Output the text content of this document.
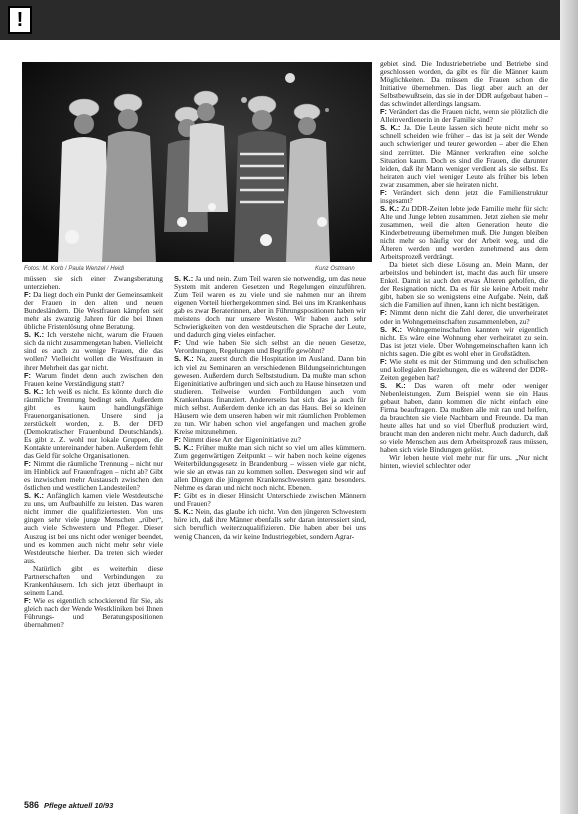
!
Fotos: M. Korb / Paula Wenzel / Heidi	Kunz Ostmann

müssen sie sich einer Zwangsberatung unterziehen.

F: Da liegt doch ein Punkt der Gemeinsamkeit der Frauen in den alten und neuen Bundesländern. Die Westfrauen kämpfen seit mehr als zwanzig Jahren für die bei Ihnen übliche Fristenlösung ohne Beratung.

S. K.: Ich verstehe nicht, warum die Frauen sich da nicht zusammengetan haben. Vielleicht sind es auch zu wenige Frauen, die das wollen? Vielleicht wollen die Westfrauen in ihrer Mehrheit das gar nicht.

F: Warum findet denn auch zwischen den Frauen keine Verständigung statt?

S. K.: Ich weiß es nicht. Es könnte durch die räumliche Trennung bedingt sein. Außerdem gibt es kaum handlungsfähige Frauenorganisationen. Unsere sind ja zerstückelt worden, z. B. der DFD (Demokratischer Frauenbund Deutschlands). Es gibt z. Z. wohl nur lokale Gruppen, die Kontakte untereinander haben. Außerdem fehlt das Geld für solche Organisationen.

F: Nimmt die räumliche Trennung – nicht nur im Hinblick auf Frauenfragen – nicht ab? Gibt es inzwischen mehr Austausch zwischen den östlichen und westlichen Landesteilen?

S. K.: Anfänglich kamen viele Westdeutsche zu uns, um Aufbauhilfe zu leisten. Das waren nicht immer die qualifiziertesten. Von uns gingen sehr viele junge Menschen „rüber“, auch viele Schwestern und Pfleger. Dieser Auszug ist bei uns nicht oder weniger beendet, und es kommen auch nicht mehr sehr viele Westdeutsche hierher. Da treten sich wieder aus.

Natürlich gibt es weiterhin diese Partnerschaften und Verbindungen zu Krankenhäusern. Ich sich jetzt überhaupt in seinem Land.

F: Wie es eigentlich schockierend für Sie, als gleich nach der Wende Westkliniken bei Ihnen Führungs- und Beratungspositionen übernahmen?

S. K.: Ja und nein. Zum Teil waren sie notwendig, um das neue System mit anderen Gesetzen und Regelungen einzuführen. Zum Teil waren es zu viele und sie nahmen nur an ihrem eigenen Vorteil hierhergekommen sind. Bei uns im Krankenhaus gab es zwar Beraterinnen, aber in Führungspositionen haben wir meistens doch nur unsere Westen. Wir haben auch sehr Schwierigkeiten von den westdeutschen die Sprache der Leute, und dadurch ging vieles einfacher.

F: Und wie haben Sie sich selbst an die neuen Gesetze, Verordnungen, Regelungen und Begriffe gewöhnt?

S. K.: Na, zuerst durch die Hospitation im Ausland. Dann bin ich viel zu Seminaren an verschiedenen Bildungseinrichtungen gewesen. Außerdem durch Selbststudium. Da mußte man schon Eigeninitiative aufbringen und sich auch zu Hause hinsetzen und studieren. Teilweise wurden Fortbildungen auch vom Krankenhaus finanziert. Andererseits hat sich das ja auch für mich selbst. Außerdem denke ich an das Haus. Bei so kleinen Häusern wie dem unseren haben wir mit räumlichen Problemen zu tun. Wir haben schon viel angefangen und machen große Kreise mitzunehmen.

F: Nimmt diese Art der Eigeninitiative zu?

S. K.: Früher mußte man sich nicht so viel um alles kümmern. Zum gegenwärtigen Zeitpunkt – wir haben noch keine eigenes Weiterbildungsgesetz in Brandenburg – wissen viele gar nicht, wie sie an etwas ran zu kommen sollen. Deswegen sind wir auf allen Dingen die jüngeren Krankenschwestern ganz besonders. Nehme es daran und nicht noch nicht. Ebenen.

F: Gibt es in dieser Hinsicht Unterschiede zwischen Männern und Frauen?

S. K.: Nein, das glaube ich nicht. Von den jüngeren Schwestern höre ich, daß ihre Männer ebenfalls sehr daran interessiert sind, sich beruflich weiterzuqualifizieren. Die haben aber bei uns wenig Chancen, da wir keine Industriegebiet, sondern Agrar-

gebiet sind. Die Industriebetriebe und Betriebe sind geschlossen worden, da gibt es für die Männer kaum Möglichkeiten. Da müssen die Frauen schon die Initiative übernehmen. Das liegt aber auch an der Selbstbewußtsein, das sie in der DDR aufgebaut haben – das schwindet allerdings langsam.

F: Verändert das die Frauen nicht, wenn sie plötzlich die Alleinverdienerin in der Familie sind?

S. K.: Ja. Die Leute lassen sich heute nicht mehr so schnell scheiden wie früher – das ist ja seit der Wende auch schwieriger und teurer geworden – aber die Ehen sind zerrüttet. Die Männer verkraften eine solche Situation kaum. Doch es sind die Frauen, die darunter leiden, daß ihr Mann weniger verdient als sie selbst. Es heiraten auch viel weniger Leute als früher bis leben zwar zusammen, aber sie heiraten nicht.

F: Verändert sich denn jetzt die Familienstruktur insgesamt?

S. K.: Zu DDR-Zeiten lebte jede Familie mehr für sich: Alte und Junge lebten zusammen. Jetzt ziehen sie mehr zusammen, weil die alten Generation heute die Kinderbetreuung übernehmen muß. Die Jungen bleiben nicht mehr so häufig vor der Arbeit weg, und die Älteren werden und werden zunehmend aus dem Arbeitsprozeß verdrängt.

Da bietet sich diese Lösung an. Mein Mann, der arbeitslos und behindert ist, macht das auch für unsere Enkel. Damit ist auch den etwas Älteren geholfen, die der Resignation nicht. Da es für sie keine Arbeit mehr gibt, haben sie so wenigstens eine Aufgabe. Nein, daß sich die Familien auf ihnen, kann ich nicht bestätigen.

F: Nimmt denn nicht die Zahl derer, die unverheiratet oder in Wohngemeinschaften zusammenleben, zu?

S. K.: Wohngemeinschaften kannten wir eigentlich nicht. Es wäre eine Wohnung eher verheiratet zu sein. Das ist jetzt viele. Über Wohngemeinschaften kann ich nichts sagen. Die gibt es wohl eher in Großstädten.

F: Wie steht es mit der Stimmung und den schulischen und kollegialen Beziehungen, die es während der DDR-Zeiten gegeben hat?

S. K.: Das waren oft mehr oder weniger Nebenleistungen. Zum Beispiel wenn sie ein Haus gebaut haben, dann kommen die nicht einfach eine Firma beauftragen. Da mußten alle mit ran und helfen, da brauchten sie viele Nachbarn und Freunde. Da man heute alles hat und so viel Überfluß produziert wird, braucht man den anderen nicht mehr. Auch dadurch, daß so viele Menschen aus dem Arbeitsprozeß raus müssen, haben sich viele Bindungen gelöst.

Wir leben heute viel mehr nur für uns. „Nur nicht hinten, wieviel schlechter oder

586 Pflege aktuell 10/93
